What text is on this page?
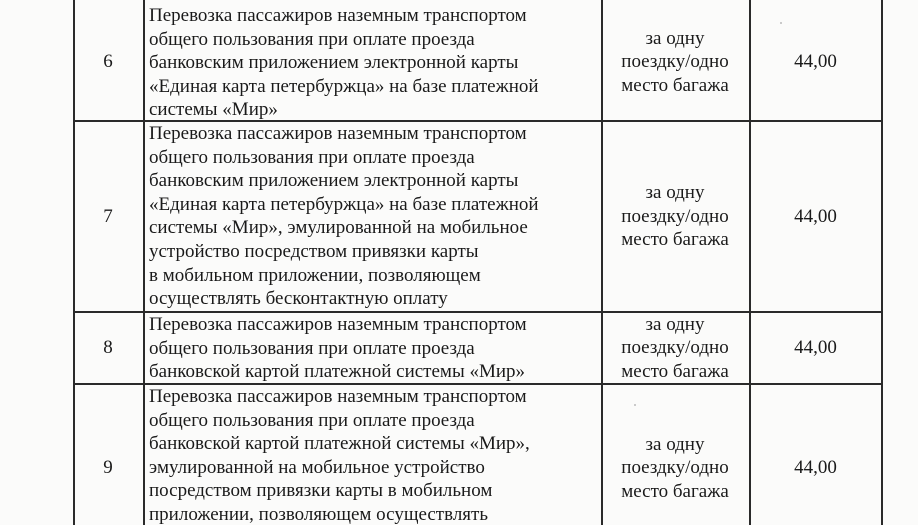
6
Перевозка пассажиров наземным транспортом
общего пользования при оплате проезда
банковским приложением электронной карты
«Единая карта петербуржца» на базе платежной
системы «Мир»
за одну
поездку/одно
место багажа
44,00
7
Перевозка пассажиров наземным транспортом
общего пользования при оплате проезда
банковским приложением электронной карты
«Единая карта петербуржца» на базе платежной
системы «Мир», эмулированной на мобильное
устройство посредством привязки карты
в мобильном приложении, позволяющем
осуществлять бесконтактную оплату
за одну
поездку/одно
место багажа
44,00
8
Перевозка пассажиров наземным транспортом
общего пользования при оплате проезда
банковской картой платежной системы «Мир»
за одну
поездку/одно
место багажа
44,00
9
Перевозка пассажиров наземным транспортом
общего пользования при оплате проезда
банковской картой платежной системы «Мир»,
эмулированной на мобильное устройство
посредством привязки карты в мобильном
приложении, позволяющем осуществлять
за одну
поездку/одно
место багажа
44,00
